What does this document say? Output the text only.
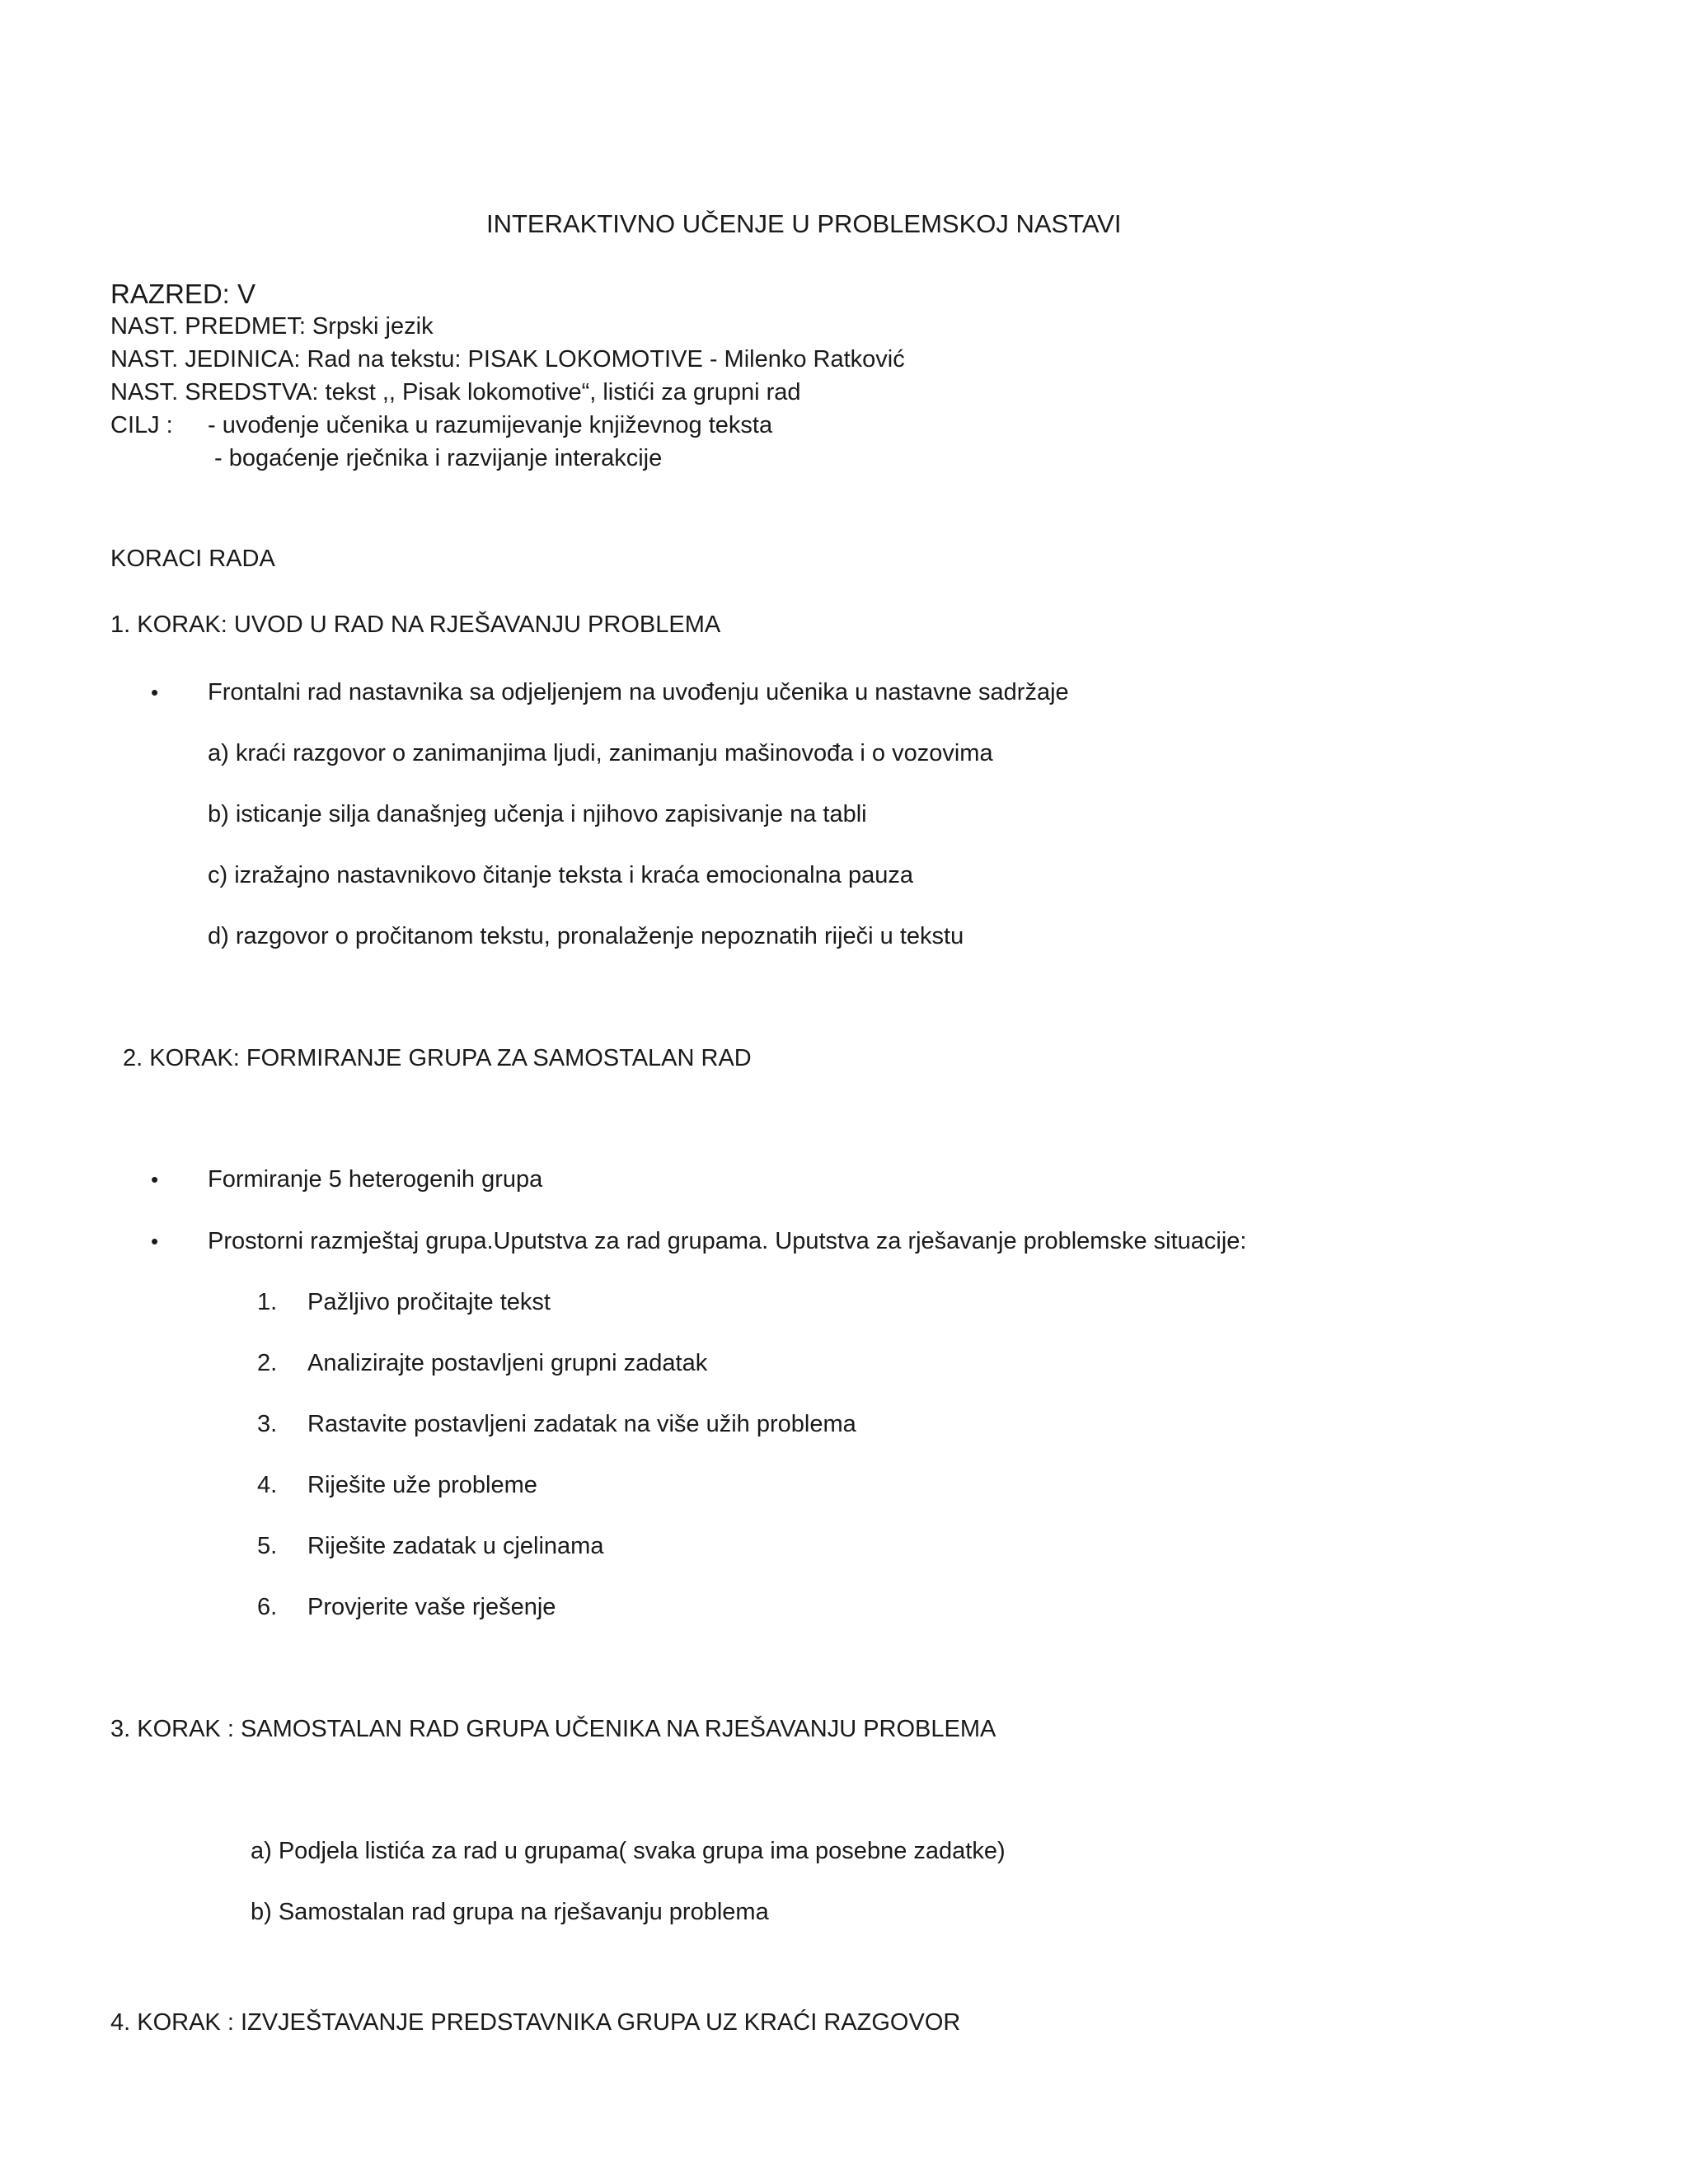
INTERAKTIVNO UČENJE U PROBLEMSKOJ NASTAVI
RAZRED: V
NAST. PREDMET: Srpski jezik
NAST. JEDINICA: Rad na tekstu: PISAK LOKOMOTIVE - Milenko Ratković
NAST. SREDSTVA: tekst ,, Pisak lokomotive“, listići za grupni rad
CILJ : - uvođenje učenika u razumijevanje književnog teksta
- bogaćenje rječnika i razvijanje interakcije
KORACI RADA
1. KORAK: UVOD U RAD NA RJEŠAVANJU PROBLEMA
• Frontalni rad nastavnika sa odjeljenjem na uvođenju učenika u nastavne sadržaje
a) kraći razgovor o zanimanjima ljudi, zanimanju mašinovođa i o vozovima
b) isticanje silja današnjeg učenja i njihovo zapisivanje na tabli
c) izražajno nastavnikovo čitanje teksta i kraća emocionalna pauza
d) razgovor o pročitanom tekstu, pronalaženje nepoznatih riječi u tekstu
2. KORAK: FORMIRANJE GRUPA ZA SAMOSTALAN RAD
• Formiranje 5 heterogenih grupa
• Prostorni razmještaj grupa.Uputstva za rad grupama. Uputstva za rješavanje problemske situacije:
1. Pažljivo pročitajte tekst
2. Analizirajte postavljeni grupni zadatak
3. Rastavite postavljeni zadatak na više užih problema
4. Riješite uže probleme
5. Riješite zadatak u cjelinama
6. Provjerite vaše rješenje
3. KORAK : SAMOSTALAN RAD GRUPA UČENIKA NA RJEŠAVANJU PROBLEMA
a) Podjela listića za rad u grupama( svaka grupa ima posebne zadatke)
b) Samostalan rad grupa na rješavanju problema
4. KORAK : IZVJEŠTAVANJE PREDSTAVNIKA GRUPA UZ KRAĆI RAZGOVOR
